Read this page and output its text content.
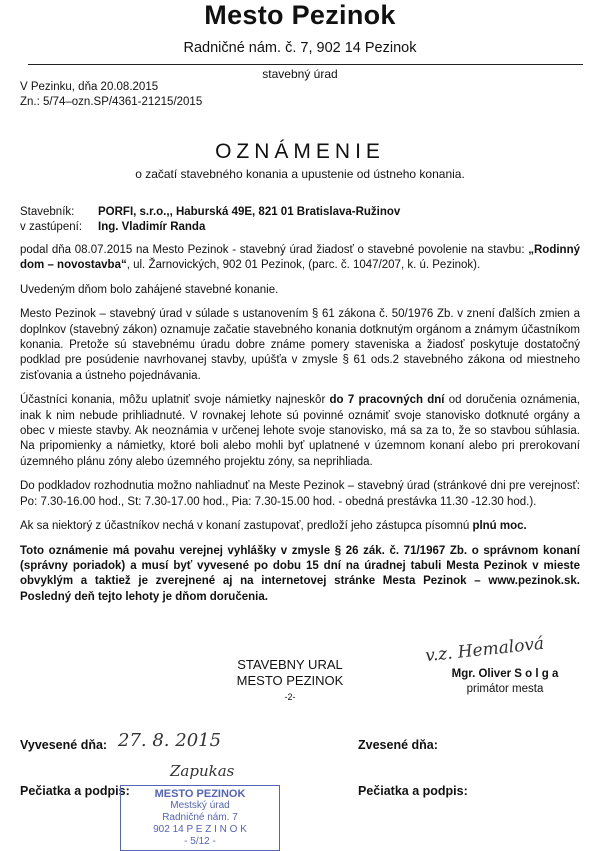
Mesto Pezinok
Radničné nám. č. 7, 902 14 Pezinok
stavebný úrad
V Pezinku, dňa 20.08.2015
Zn.: 5/74–ozn.SP/4361-21215/2015
OZNÁMENIE
o začatí stavebného konania a upustenie od ústneho konania.
Stavebník:	PORFI, s.r.o.,, Haburská 49E, 821 01 Bratislava-Ružinov
v zastúpení:	Ing. Vladimír Randa

podal dňa 08.07.2015 na Mesto Pezinok - stavebný úrad žiadosť o stavebné povolenie na stavbu: „Rodinný dom – novostavba“, ul. Žarnovických, 902 01 Pezinok, (parc. č. 1047/207, k. ú. Pezinok).

Uvedeným dňom bolo zahájené stavebné konanie.

Mesto Pezinok – stavebný úrad v súlade s ustanovením § 61 zákona č. 50/1976 Zb. v znení ďalších zmien a doplnkov (stavebný zákon) oznamuje začatie stavebného konania dotknutým orgánom a známym účastníkom konania. Pretože sú stavebnému úradu dobre známe pomery staveniska a žiadosť poskytuje dostatočný podklad pre posúdenie navrhovanej stavby, upúšťa v zmysle § 61 ods.2 stavebného zákona od miestneho zisťovania a ústneho pojednávania.

Účastníci konania, môžu uplatniť svoje námietky najneskôr do 7 pracovných dní od doručenia oznámenia, inak k nim nebude prihliadnuté. V rovnakej lehote sú povinné oznámiť svoje stanovisko dotknuté orgány a obec v mieste stavby. Ak neoznámia v určenej lehote svoje stanovisko, má sa za to, že so stavbou súhlasia. Na pripomienky a námietky, ktoré boli alebo mohli byť uplatnené v územnom konaní alebo pri prerokovaní územného plánu zóny alebo územného projektu zóny, sa neprihliada.

Do podkladov rozhodnutia možno nahliadnuť na Meste Pezinok – stavebný úrad (stránkové dni pre verejnosť: Po: 7.30-16.00 hod., St: 7.30-17.00 hod., Pia: 7.30-15.00 hod. - obedná prestávka 11.30 -12.30 hod.).

Ak sa niektorý z účastníkov nechá v konaní zastupovať, predloží jeho zástupca písomnú plnú moc.

Toto oznámenie má povahu verejnej vyhlášky v zmysle § 26 zák. č. 71/1967 Zb. o správnom konaní (správny poriadok) a musí byť vyvesené po dobu 15 dní na úradnej tabuli Mesta Pezinok v mieste obvyklým a taktiež je zverejnené aj na internetovej stránke Mesta Pezinok – www.pezinok.sk. Posledný deň tejto lehoty je dňom doručenia.

STAVEBNY URAL
MESTO PEZINOK
-2-
v.z. Hemalová
Mgr. Oliver S o l g a
primátor mesta
Vyvesené dňa: 27. 8. 2015	Zvesené dňa:
Pečiatka a podpis:
Zapukas
Pečiatka a podpis:
MESTO PEZINOK
Mestský úrad
Radničné nám. 7
902 14 P E Z I N O K
- 5/12 -
